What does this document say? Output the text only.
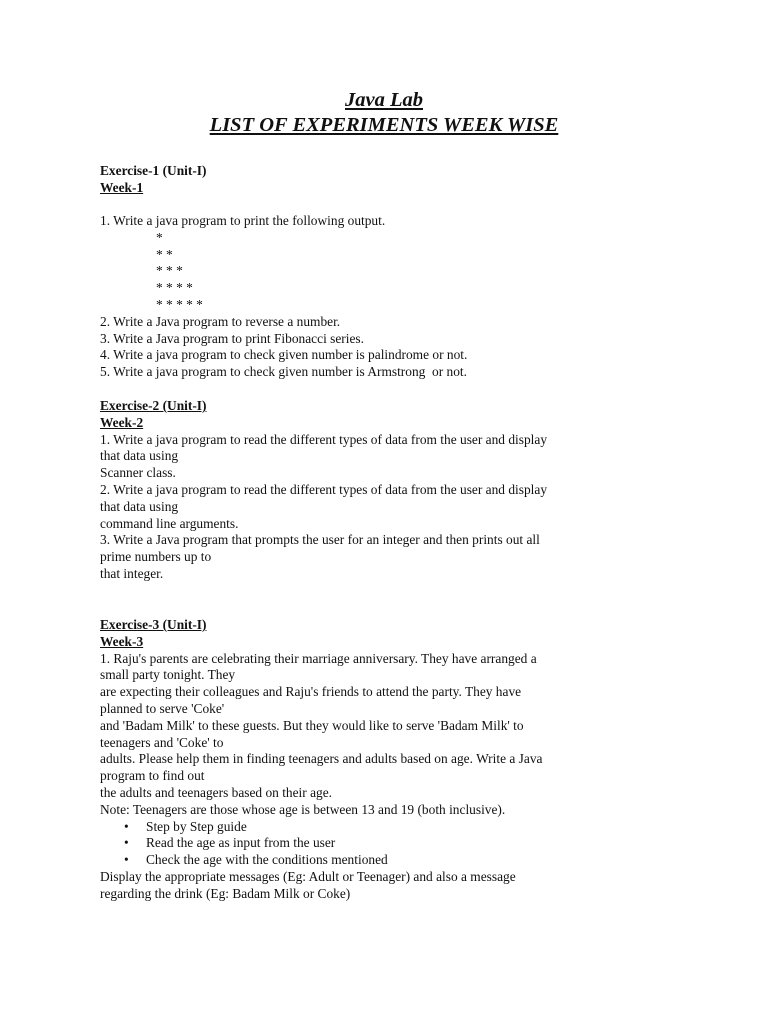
Java Lab
LIST OF EXPERIMENTS WEEK WISE
Exercise-1 (Unit-I)
Week-1
1. Write a java program to print the following output.
*
* *
* * *
* * * *
* * * * *
2. Write a Java program to reverse a number.
3. Write a Java program to print Fibonacci series.
4. Write a java program to check given number is palindrome or not.
5. Write a java program to check given number is Armstrong  or not.
Exercise-2 (Unit-I)
Week-2
1. Write a java program to read the different types of data from the user and display
that data using
Scanner class.
2. Write a java program to read the different types of data from the user and display
that data using
command line arguments.
3. Write a Java program that prompts the user for an integer and then prints out all
prime numbers up to
that integer.
Exercise-3 (Unit-I)
Week-3
1. Raju's parents are celebrating their marriage anniversary. They have arranged a
small party tonight. They
are expecting their colleagues and Raju's friends to attend the party. They have
planned to serve 'Coke'
and 'Badam Milk' to these guests. But they would like to serve 'Badam Milk' to
teenagers and 'Coke' to
adults. Please help them in finding teenagers and adults based on age. Write a Java
program to find out
the adults and teenagers based on their age.
Note: Teenagers are those whose age is between 13 and 19 (both inclusive).
• Step by Step guide
• Read the age as input from the user
• Check the age with the conditions mentioned
Display the appropriate messages (Eg: Adult or Teenager) and also a message
regarding the drink (Eg: Badam Milk or Coke)
